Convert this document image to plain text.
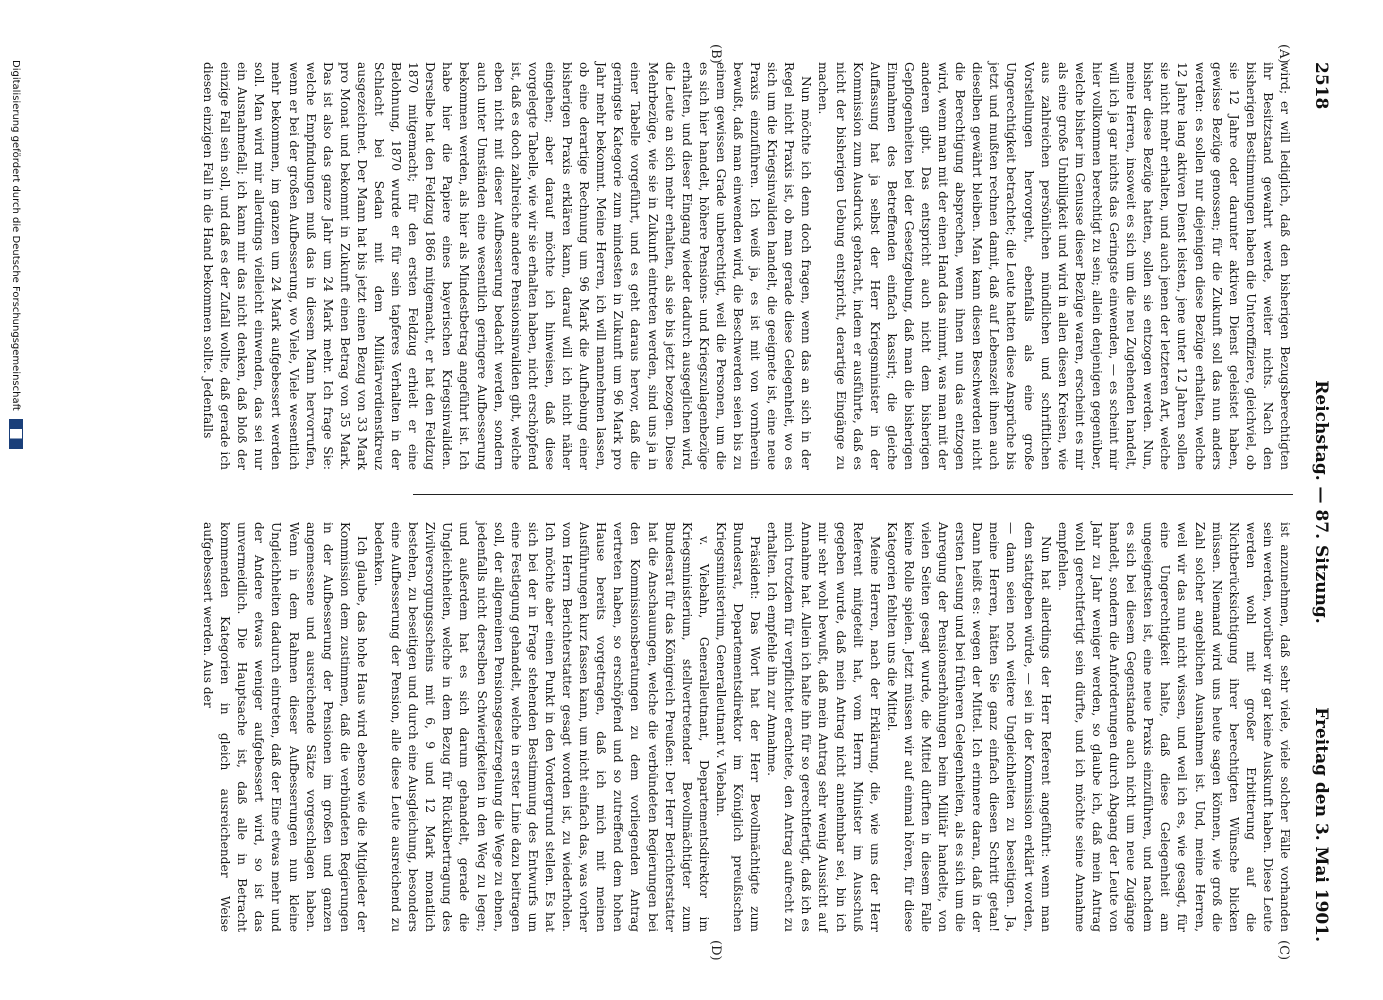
2518
Reichstag. — 87. Sitzung.
Freitag den 3. Mai 1901.
(A)
(B)
(C)
(D)

wird; er will lediglich, daß den bisherigen Bezugsberechtigten ihr Besitzstand gewahrt werde, weiter nichts. Nach den bisherigen Bestimmungen haben die Unteroffiziere, gleichviel, ob sie 12 Jahre oder darunter aktiven Dienst geleistet haben, gewisse Bezüge genossen; für die Zukunft soll das nun anders werden: es sollen nur diejenigen diese Bezüge erhalten, welche 12 Jahre lang aktiven Dienst leisten, jene unter 12 Jahren sollen sie nicht mehr erhalten, und auch jenen der letzteren Art, welche bisher diese Bezüge hatten, sollen sie entzogen werden. Nun, meine Herren, insoweit es sich um die neu Zugehenden handelt, will ich ja gar nichts das Geringste einwenden, — es scheint mir hier vollkommen berechtigt zu sein; allein denjenigen gegenüber, welche bisher im Genusse dieser Bezüge waren, erscheint es mir als eine große Unbilligkeit und wird in allen diesen Kreisen, wie aus zahlreichen persönlichen mündlichen und schriftlichen Vorstellungen hervorgeht, ebenfalls als eine große Ungerechtigkeit betrachtet; die Leute hatten diese Ansprüche bis jetzt und mußten rechnen damit, daß auf Lebenszeit ihnen auch dieselben gewährt bleiben. Man kann diesen Beschwerden nicht die Berechtigung absprechen, wenn ihnen nun das entzogen wird, wenn man mit der einen Hand das nimmt, was man mit der anderen gibt. Das entspricht auch nicht dem bisherigen Gepflogenheiten bei der Gesetzgebung, daß man die bisherigen Einnahmen des Betreffenden einfach kassirt; die gleiche Auffassung hat ja selbst der Herr Kriegsminister in der Kommission zum Ausdruck gebracht, indem er ausführte, daß es nicht der bisherigen Uebung entspricht, derartige Eingänge zu machen.

Nun möchte ich denn doch fragen, wenn das an sich in der Regel nicht Praxis ist, ob man gerade diese Gelegenheit, wo es sich um die Kriegsinvaliden handelt, die geeignete ist, eine neue Praxis einzuführen. Ich weiß ja, es ist mit von vornherein bewußt, daß man einwenden wird, die Beschwerden seien bis zu einem gewissen Grade unberechtigt, weil die Personen, um die es sich hier handelt, höhere Pensions- und Kriegszulagenbezüge erhalten, und dieser Eingang wieder dadurch ausgeglichen wird, die Leute an sich mehr erhalten, als sie bis jetzt bezogen. Diese Mehrbezüge, wie sie in Zukunft eintreten werden, sind uns ja in einer Tabelle vorgeführt, und es geht daraus hervor, daß die geringste Kategorie zum mindesten in Zukunft um 96 Mark pro Jahr mehr bekommt. Meine Herren, ich will mannehmen lassen, ob eine derartige Rechnung um 96 Mark die Aufhebung einer bisherigen Praxis erklären kann, darauf will ich nicht näher eingehen; aber darauf möchte ich hinweisen, daß diese vorgelegte Tabelle, wie wir sie erhalten haben, nicht erschöpfend ist, daß es doch zahlreiche andere Pensionsinvaliden gibt, welche eben nicht mit dieser Aufbesserung bedacht werden, sondern auch unter Umständen eine wesentlich geringere Aufbesserung bekommen werden, als hier als Mindestbetrag angeführt ist. Ich habe hier die Papiere eines bayerischen Kriegsinvaliden. Derselbe hat den Feldzug 1866 mitgemacht, er hat den Feldzug 1870 mitgemacht; für den ersten Feldzug erhielt er eine Belohnung, 1870 wurde er für sein tapferes Verhalten in der Schlacht bei Sedan mit dem Militärverdienstkreuz ausgezeichnet. Der Mann hat bis jetzt einen Bezug von 33 Mark pro Monat und bekommt in Zukunft einen Betrag von 35 Mark. Das ist also das ganze Jahr um 24 Mark mehr. Ich frage Sie: welche Empfindungen muß das in diesem Mann hervorrufen, wenn er bei der großen Aufbesserung, wo Viele, Viele wesentlich mehr bekommen, im ganzen um 24 Mark aufgebessert werden soll. Man wird mir allerdings vielleicht einwenden, das sei nur ein Ausnahmefall; ich kann mir das nicht denken, daß bloß der einzige Fall sein soll, und daß es der Zufall wollte, daß gerade ich diesen einzigen Fall in die Hand bekommen sollte. Jedenfalls

ist anzunehmen, daß sehr viele, viele solcher Fälle vorhanden sein werden, worüber wir gar keine Auskunft haben. Diese Leute werden wohl mit großer Erbitterung auf die Nichtberücksichtigung ihrer berechtigten Wünsche blicken müssen. Niemand wird uns heute sagen können, wie groß die Zahl solcher angeblichen Ausnahmen ist. Und, meine Herren, weil wir das nun nicht wissen, und weil ich es, wie gesagt, für eine Ungerechtigkeit halte, daß diese Gelegenheit am ungeeignetsten ist, eine neue Praxis einzuführen, und nachdem es sich bei diesem Gegenstande auch nicht um neue Zugänge handelt, sondern die Anforderungen durch Abgang der Leute von Jahr zu Jahr weniger werden, so glaube ich, daß mein Antrag wohl gerechtfertigt sein dürfte, und ich möchte seine Annahme empfehlen.

Nun hat allerdings der Herr Referent angeführt: wenn man dem stattgeben würde, — sei in der Kommission erklärt worden, — dann seien noch weitere Ungleichheiten zu beseitigen. Ja, meine Herren, hätten Sie ganz einfach diesen Schritt getan! Dann heißt es: wegen der Mittel. Ich erinnere daran, daß in der ersten Lesung und bei früheren Gelegenheiten, als es sich um die Anregung der Pensionserhöhungen beim Militär handelte, von vielen Seiten gesagt wurde, die Mittel dürften in diesem Falle keine Rolle spielen. Jetzt müssen wir auf einmal hören, für diese Kategorien fehlten uns die Mittel.

Meine Herren, nach der Erklärung, die, wie uns der Herr Referent mitgeteilt hat, vom Herrn Minister im Ausschuß gegeben wurde, daß mein Antrag nicht annehmbar sei, bin ich mir sehr wohl bewußt, daß mein Antrag sehr wenig Aussicht auf Annahme hat. Allein ich halte ihn für so gerechtfertigt, daß ich es mich trotzdem für verpflichtet erachtete, den Antrag aufrecht zu erhalten. Ich empfehle ihn zur Annahme.

Präsident: Das Wort hat der Herr Bevollmächtigte zum Bundesrat, Departementsdirektor im Königlich preußischen Kriegsministerium, Generalleutnant v. Viebahn.

v. Viebahn, Generalleutnant, Departementsdirektor im Kriegsministerium, stellvertretender Bevollmächtigter zum Bundesrat für das Königreich Preußen: Der Herr Berichterstatter hat die Anschauungen, welche die verbündeten Regierungen bei den Kommissionsberatungen zu dem vorliegenden Antrag vertreten haben, so erschöpfend und so zutreffend dem hohen Hause bereits vorgetragen, daß ich mich mit meinen Ausführungen kurz fassen kann, um nicht einfach das, was vorher vom Herrn Berichterstatter gesagt worden ist, zu wiederholen. Ich möchte aber einen Punkt in den Vordergrund stellen. Es hat sich bei der in Frage stehenden Bestimmung des Entwurfs um eine Festlegung gehandelt, welche in erster Linie dazu beitragen soll, der allgemeinen Pensionsgesetzregelung die Wege zu ebnen, jedenfalls nicht derselben Schwierigkeiten in den Weg zu legen; und außerdem hat es sich darum gehandelt, gerade die Ungleichheiten, welche in dem Bezug für Rückübertragung des Zivilversorgungsscheins mit 6, 9 und 12 Mark monatlich bestehen, zu beseitigen und durch eine Ausgleichung, besonders eine Aufbesserung der Pension, alle diese Leute ausreichend zu bedenken.

Ich glaube, das hohe Haus wird ebenso wie die Mitglieder der Kommission dem zustimmen, daß die verbündeten Regierungen in der Aufbesserung der Pensionen im großen und ganzen angemessene und ausreichende Sätze vorgeschlagen haben. Wenn in dem Rahmen dieser Aufbesserungen nun kleine Ungleichheiten dadurch eintreten, daß der Eine etwas mehr und der Andere etwas weniger aufgebessert wird, so ist das unvermeidlich. Die Hauptsache ist, daß alle in Betracht kommenden Kategorien in gleich ausreichender Weise aufgebessert werden. Aus der

Digitalisierung gefördert durch die Deutsche Forschungsgemeinschaft
